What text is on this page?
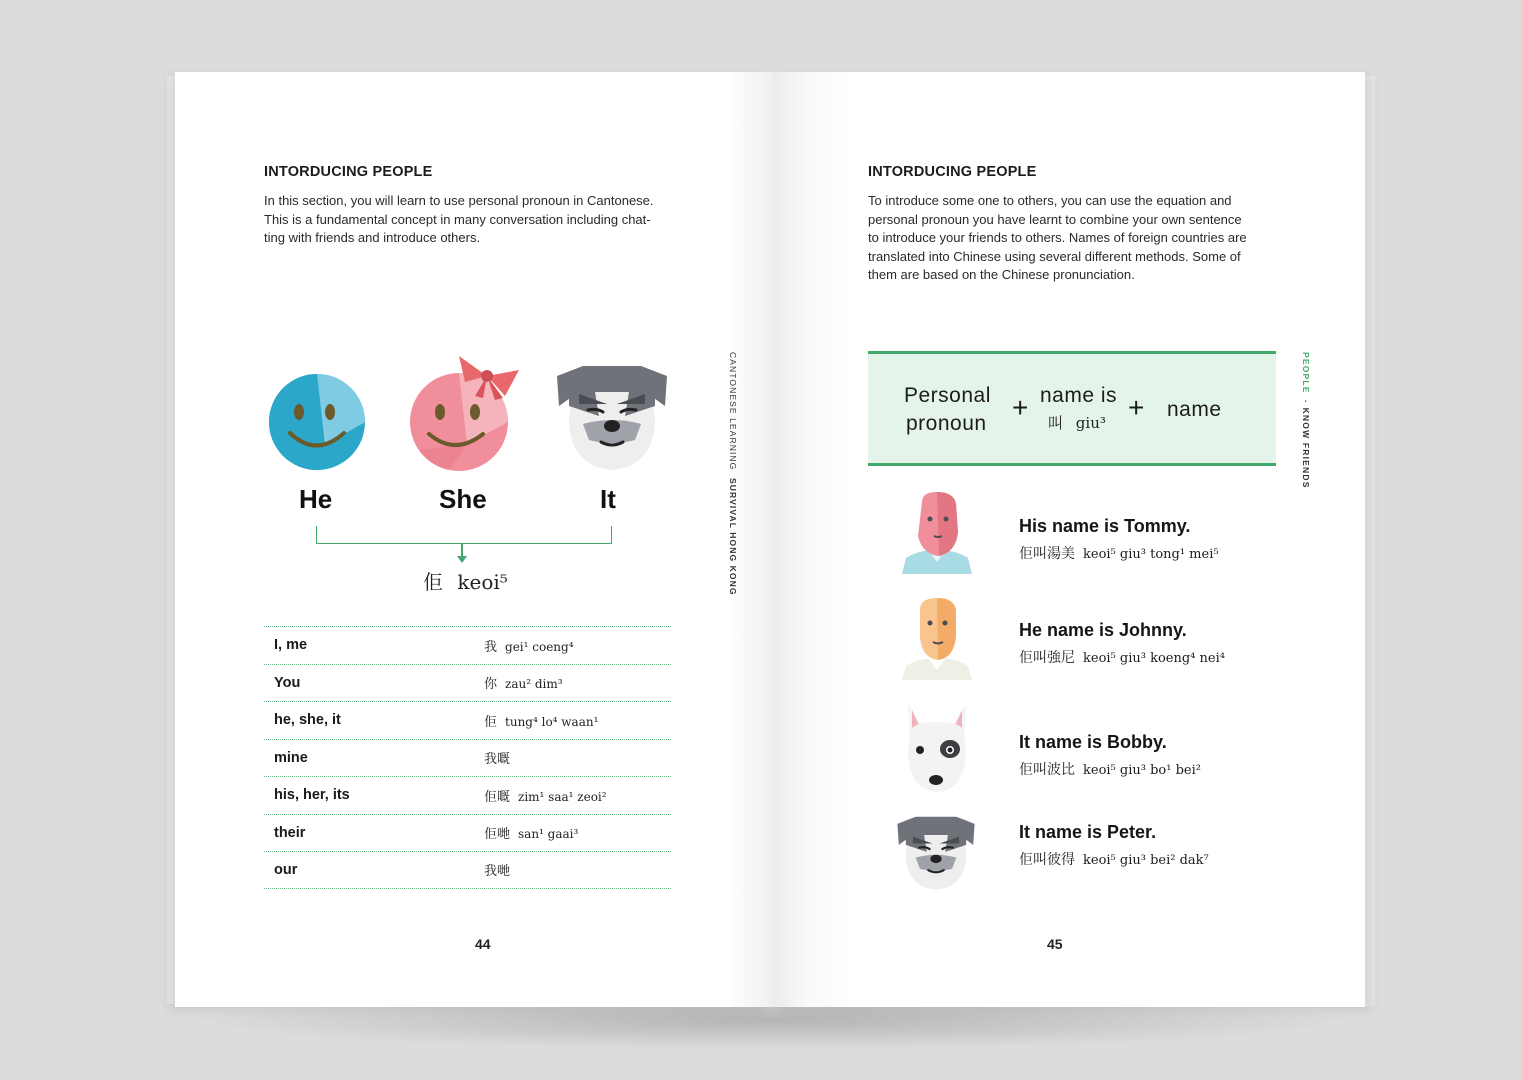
INTORDUCING PEOPLE
In this section, you will learn to use personal pronoun in Cantonese.
This is a fundamental concept in many conversation including chat-
ting with friends and introduce others.
He	She	It
佢 keoi⁵
I, me	我 gei¹ coeng⁴
You	你 zau² dim³
he, she, it	佢 tung⁴ lo⁴ waan¹
mine	我嘅
his, her, its	佢嘅 zim¹ saa¹ zeoi²
their	佢哋 san¹ gaai³
our	我哋
44
CANTONESE LEARNING SURVIVAL HONG KONG
INTORDUCING PEOPLE
To introduce some one to others, you can use the equation and
personal pronoun you have learnt to combine your own sentence
to introduce your friends to others. Names of foreign countries are
translated into Chinese using several different methods. Some of
them are based on the Chinese pronunciation.
Personal
pronoun
+ name is
叫 giu³ + name
His name is Tommy.
佢叫湯美 keoi⁵ giu³ tong¹ mei⁵
He name is Johnny.
佢叫強尼 keoi⁵ giu³ koeng⁴ nei⁴
It name is Bobby.
佢叫波比 keoi⁵ giu³ bo¹ bei²
It name is Peter.
佢叫彼得 keoi⁵ giu³ bei² dak⁷
45
PEOPLE · KNOW FRIENDS
